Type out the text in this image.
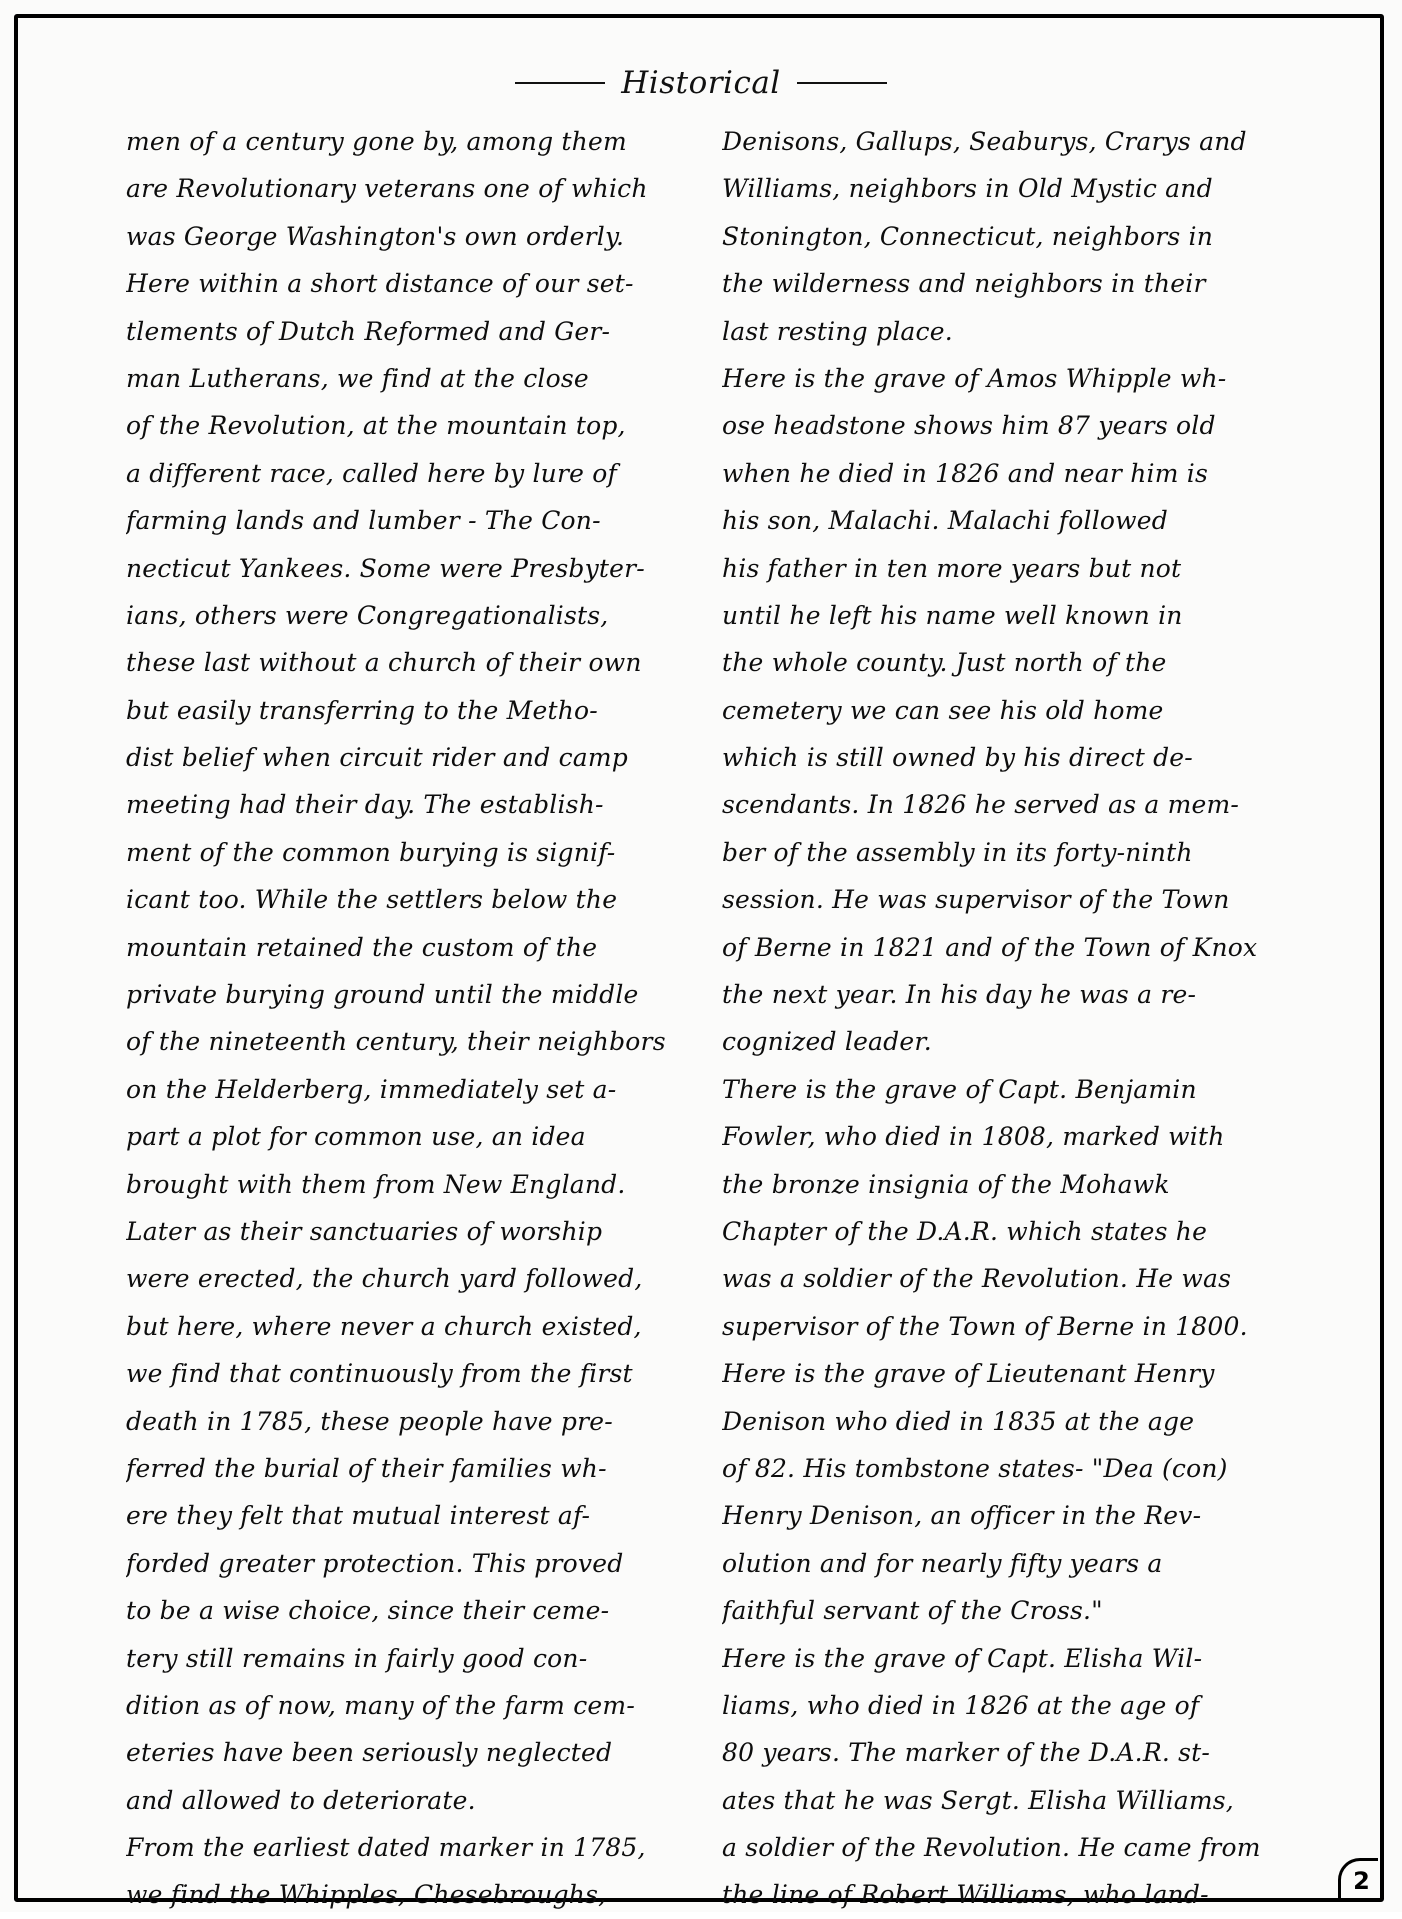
Historical
men of a century gone by, among them
are Revolutionary veterans one of which
was George Washington's own orderly.
Here within a short distance of our set-
tlements of Dutch Reformed and Ger-
man Lutherans, we find at the close
of the Revolution, at the mountain top,
a different race, called here by lure of
farming lands and lumber - The Con-
necticut Yankees. Some were Presbyter-
ians, others were Congregationalists,
these last without a church of their own
but easily transferring to the Metho-
dist belief when circuit rider and camp
meeting had their day. The establish-
ment of the common burying is signif-
icant too. While the settlers below the
mountain retained the custom of the
private burying ground until the middle
of the nineteenth century, their neighbors
on the Helderberg, immediately set a-
part a plot for common use, an idea
brought with them from New England.
Later as their sanctuaries of worship
were erected, the church yard followed,
but here, where never a church existed,
we find that continuously from the first
death in 1785, these people have pre-
ferred the burial of their families wh-
ere they felt that mutual interest af-
forded greater protection. This proved
to be a wise choice, since their ceme-
tery still remains in fairly good con-
dition as of now, many of the farm cem-
eteries have been seriously neglected
and allowed to deteriorate.
From the earliest dated marker in 1785,
we find the Whipples, Chesebroughs,
Denisons, Gallups, Seaburys, Crarys and
Williams, neighbors in Old Mystic and
Stonington, Connecticut, neighbors in
the wilderness and neighbors in their
last resting place.
Here is the grave of Amos Whipple wh-
ose headstone shows him 87 years old
when he died in 1826 and near him is
his son, Malachi. Malachi followed
his father in ten more years but not
until he left his name well known in
the whole county. Just north of the
cemetery we can see his old home
which is still owned by his direct de-
scendants. In 1826 he served as a mem-
ber of the assembly in its forty-ninth
session. He was supervisor of the Town
of Berne in 1821 and of the Town of Knox
the next year. In his day he was a re-
cognized leader.
There is the grave of Capt. Benjamin
Fowler, who died in 1808, marked with
the bronze insignia of the Mohawk
Chapter of the D.A.R. which states he
was a soldier of the Revolution. He was
supervisor of the Town of Berne in 1800.
Here is the grave of Lieutenant Henry
Denison who died in 1835 at the age
of 82. His tombstone states- "Dea (con)
Henry Denison, an officer in the Rev-
olution and for nearly fifty years a
faithful servant of the Cross."
Here is the grave of Capt. Elisha Wil-
liams, who died in 1826 at the age of
80 years. The marker of the D.A.R. st-
ates that he was Sergt. Elisha Williams,
a soldier of the Revolution. He came from
the line of Robert Williams, who land-	2
